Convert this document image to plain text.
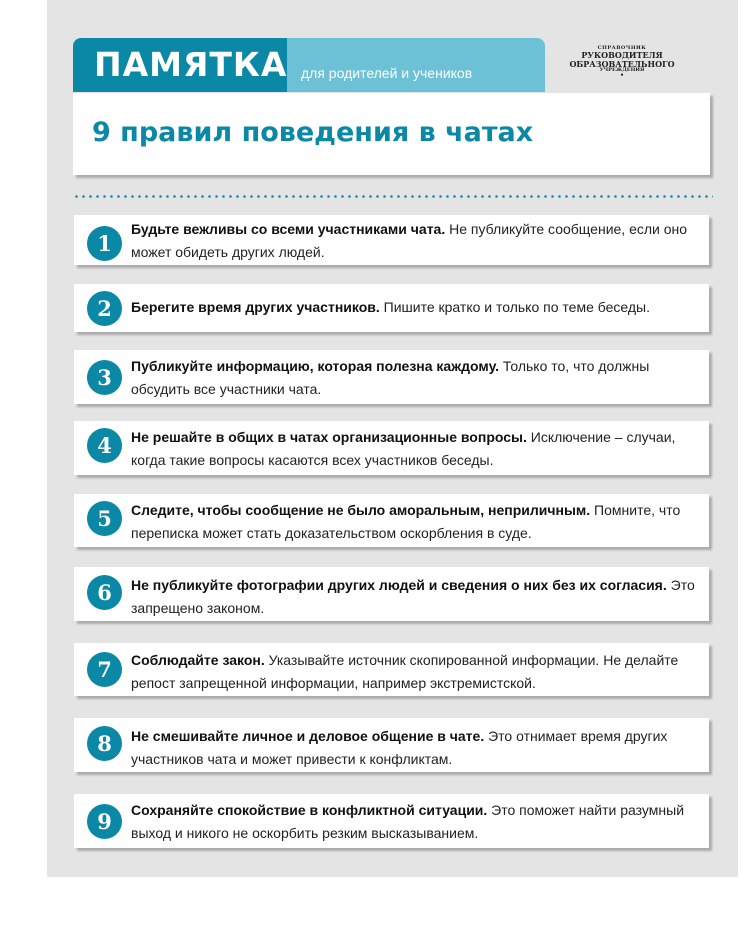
ПАМЯТКА для родителей и учеников
СПРАВОЧНИК
РУКОВОДИТЕЛЯ
ОБРАЗОВАТЕЛЬНОГО
УЧРЕЖДЕНИЯ
•
9 правил поведения в чатах
1
Будьте вежливы со всеми участниками чата. Не публикуйте сообщение, если оно может обидеть других людей.
2	Берегите время других участников. Пишите кратко и только по теме беседы.
3	Публикуйте информацию, которая полезна каждому. Только то, что должны обсудить все участники чата.
4	Не решайте в общих в чатах организационные вопросы. Исключение – случаи, когда такие вопросы касаются всех участников беседы.
5	Следите, чтобы сообщение не было аморальным, неприличным. Помните, что переписка может стать доказательством оскорбления в суде.
6	Не публикуйте фотографии других людей и сведения о них без их согласия. Это запрещено законом.
7	Соблюдайте закон. Указывайте источник скопированной информации. Не делайте репост запрещенной информации, например экстремистской.
8	Не смешивайте личное и деловое общение в чате. Это отнимает время других участников чата и может привести к конфликтам.
9	Сохраняйте спокойствие в конфликтной ситуации. Это поможет найти разумный выход и никого не оскорбить резким высказыванием.
